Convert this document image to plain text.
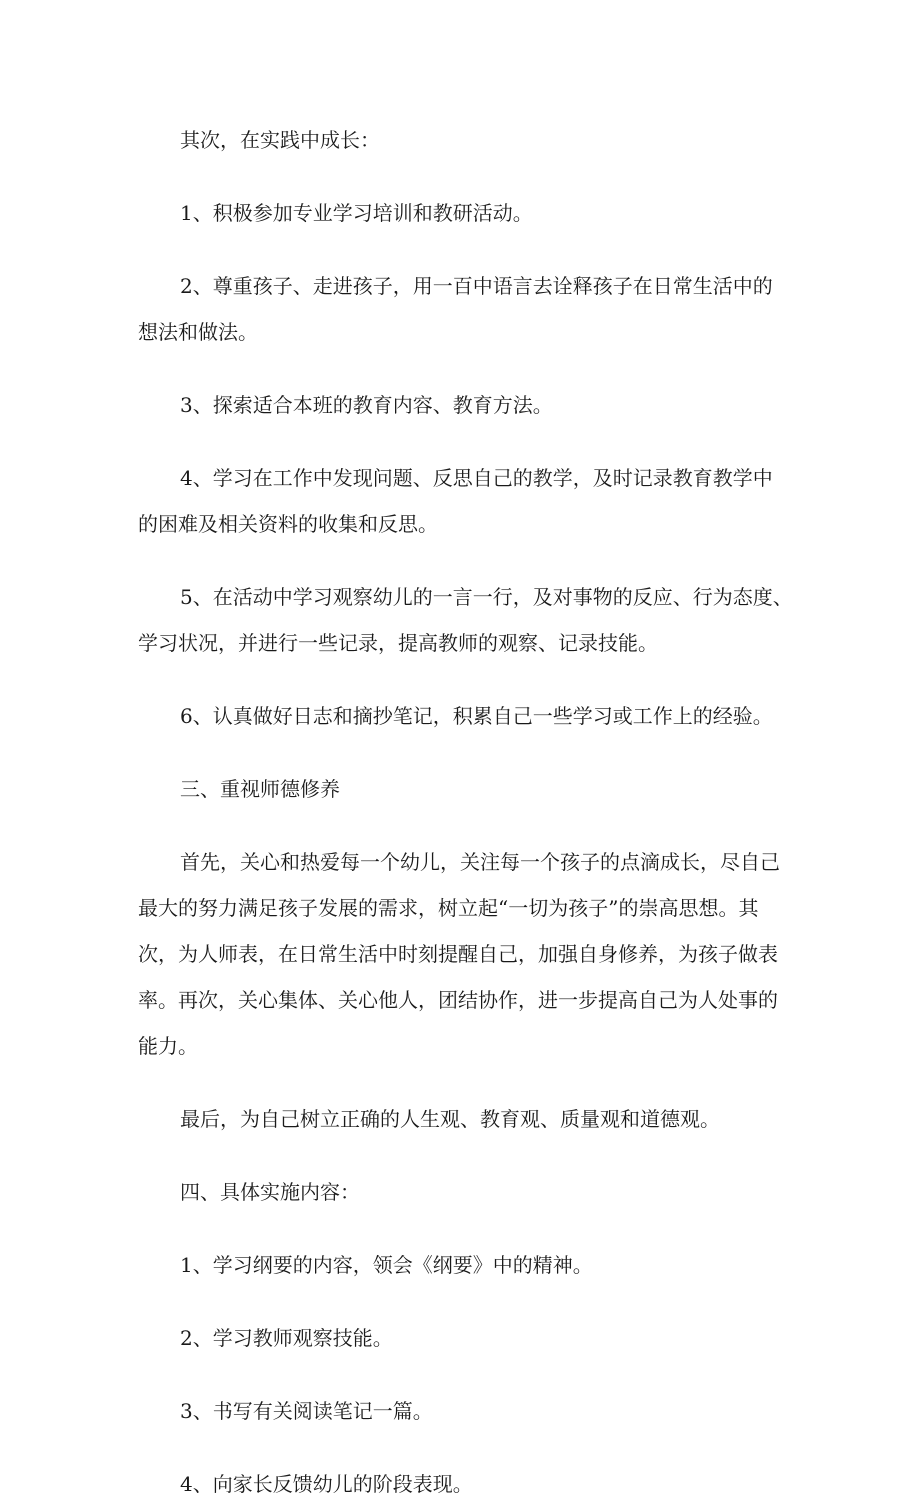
其次，在实践中成长：

1、积极参加专业学习培训和教研活动。

2、尊重孩子、走进孩子，用一百中语言去诠释孩子在日常生活中的
想法和做法。

3、探索适合本班的教育内容、教育方法。

4、学习在工作中发现问题、反思自己的教学，及时记录教育教学中
的困难及相关资料的收集和反思。

5、在活动中学习观察幼儿的一言一行，及对事物的反应、行为态度、
学习状况，并进行一些记录，提高教师的观察、记录技能。

6、认真做好日志和摘抄笔记，积累自己一些学习或工作上的经验。

三、重视师德修养

首先，关心和热爱每一个幼儿，关注每一个孩子的点滴成长，尽自己
最大的努力满足孩子发展的需求，树立起“一切为孩子”的崇高思想。其
次，为人师表，在日常生活中时刻提醒自己，加强自身修养，为孩子做表
率。再次，关心集体、关心他人，团结协作，进一步提高自己为人处事的
能力。

最后，为自己树立正确的人生观、教育观、质量观和道德观。

四、具体实施内容：

1、学习纲要的内容，领会《纲要》中的精神。

2、学习教师观察技能。

3、书写有关阅读笔记一篇。

4、向家长反馈幼儿的阶段表现。
